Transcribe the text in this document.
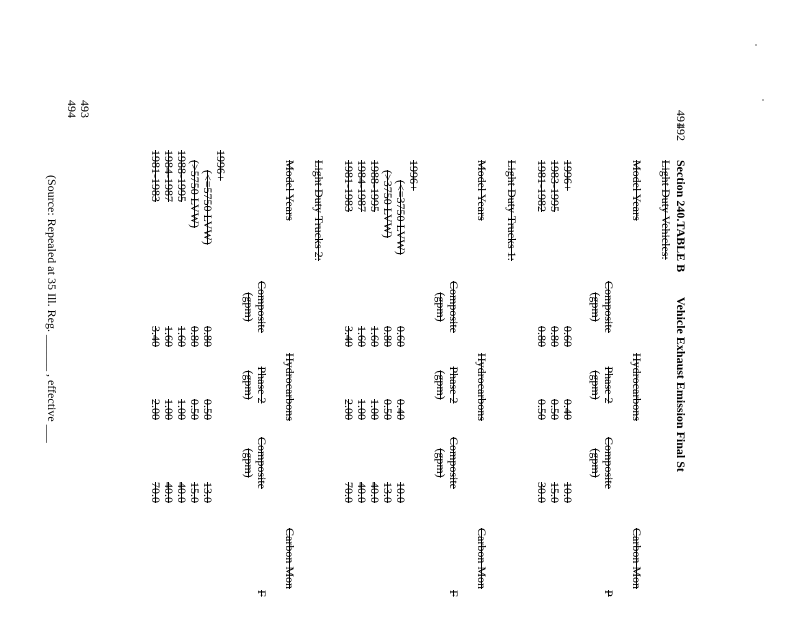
491
492
493
494
Section 240.TABLE B
Vehicle Exhaust Emission Final St
Light Duty Vehicles:
Model Years
Hydrocarbons
Carbon Mon
Composite
(gpm)
Phase 2
(gpm)
Composite
(gpm)
P
1996+
0.60
0.40
10.0
1983-1995
0.80
0.50
15.0
1981-1982
0.80
0.50
30.0
Light Duty Trucks 1:
Model Years
Hydrocarbons
Carbon Mon
Composite
(gpm)
Phase 2
(gpm)
Composite
(gpm)
F
1996+
(<=3750 LVW)
0.60
0.40
10.0
(>3750 LVW)
0.80
0.50
13.0
1988-1995
1.60
1.00
40.0
1984-1987
1.60
1.00
40.0
1981-1983
3.40
2.00
70.0
Light Duty Trucks 2:
Model Years
Hydrocarbons
Carbon Mon
Composite
(gpm)
Phase 2
(gpm)
Composite
(gpm)
F
1996+
(<=5750 LVW)
0.80
0.50
13.0
(>5750 LVW)
0.80
0.50
15.0
1988-1995
1.60
1.00
40.0
1984-1987
1.60
1.00
40.0
1981-1983
3.40
2.00
70.0
(Source: Repealed at 35 Ill. Reg. ______ , effective ___
